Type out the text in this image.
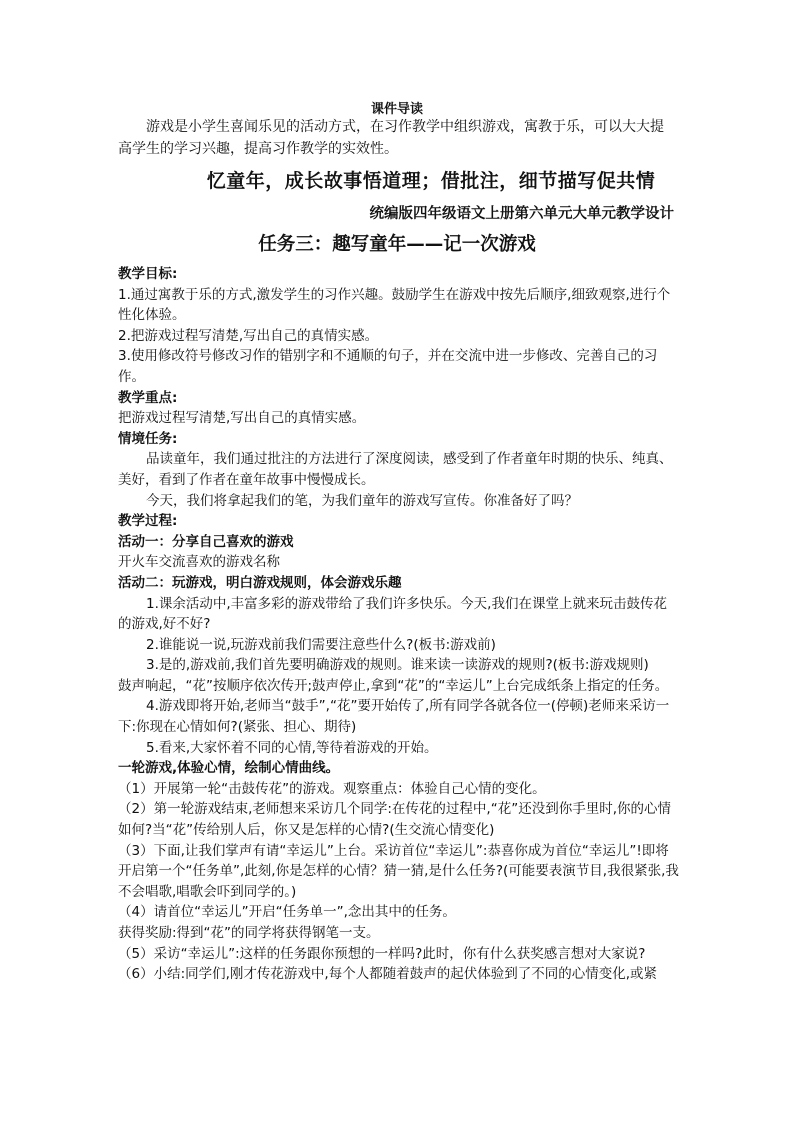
课件导读
游戏是小学生喜闻乐见的活动方式，在习作教学中组织游戏，寓教于乐，可以大大提高学生的学习兴趣，提高习作教学的实效性。
忆童年，成长故事悟道理；借批注，细节描写促共情
统编版四年级语文上册第六单元大单元教学设计
任务三：趣写童年——记一次游戏

教学目标:

1.通过寓教于乐的方式,激发学生的习作兴趣。鼓励学生在游戏中按先后顺序,细致观察,进行个性化体验。

2.把游戏过程写清楚,写出自己的真情实感。

3.使用修改符号修改习作的错别字和不通顺的句子，并在交流中进一步修改、完善自己的习作。

教学重点:

把游戏过程写清楚,写出自己的真情实感。

情境任务:

品读童年，我们通过批注的方法进行了深度阅读，感受到了作者童年时期的快乐、纯真、美好，看到了作者在童年故事中慢慢成长。

今天，我们将拿起我们的笔，为我们童年的游戏写宣传。你准备好了吗？

教学过程:

活动一：分享自己喜欢的游戏

开火车交流喜欢的游戏名称

活动二：玩游戏，明白游戏规则，体会游戏乐趣

1.课余活动中,丰富多彩的游戏带给了我们许多快乐。今天,我们在课堂上就来玩击鼓传花的游戏,好不好?

2.谁能说一说,玩游戏前我们需要注意些什么?(板书:游戏前)

3.是的,游戏前,我们首先要明确游戏的规则。谁来读一读游戏的规则?(板书:游戏规则)

鼓声响起，“花”按顺序依次传开;鼓声停止,拿到“花”的“幸运儿”上台完成纸条上指定的任务。

4.游戏即将开始,老师当“鼓手”,“花”要开始传了,所有同学各就各位一(停顿)老师来采访一下:你现在心情如何?(紧张、担心、期待)

5.看来,大家怀着不同的心情,等待着游戏的开始。

一轮游戏,体验心情，绘制心情曲线。

（1）开展第一轮“击鼓传花”的游戏。观察重点：体验自己心情的变化。

（2）第一轮游戏结束,老师想来采访几个同学:在传花的过程中,“花”还没到你手里时,你的心情如何?当“花”传给别人后，你又是怎样的心情?(生交流心情变化)

（3）下面,让我们掌声有请“幸运儿”上台。采访首位“幸运儿”:恭喜你成为首位“幸运儿”!即将开启第一个“任务单”,此刻,你是怎样的心情？猜一猜,是什么任务?(可能要表演节目,我很紧张,我不会唱歌,唱歌会吓到同学的。)

（4）请首位“幸运儿”开启“任务单一”,念出其中的任务。

获得奖励:得到“花”的同学将获得钢笔一支。

（5）采访“幸运儿”:这样的任务跟你预想的一样吗?此时，你有什么获奖感言想对大家说?

（6）小结:同学们,刚才传花游戏中,每个人都随着鼓声的起伏体验到了不同的心情变化,或紧
